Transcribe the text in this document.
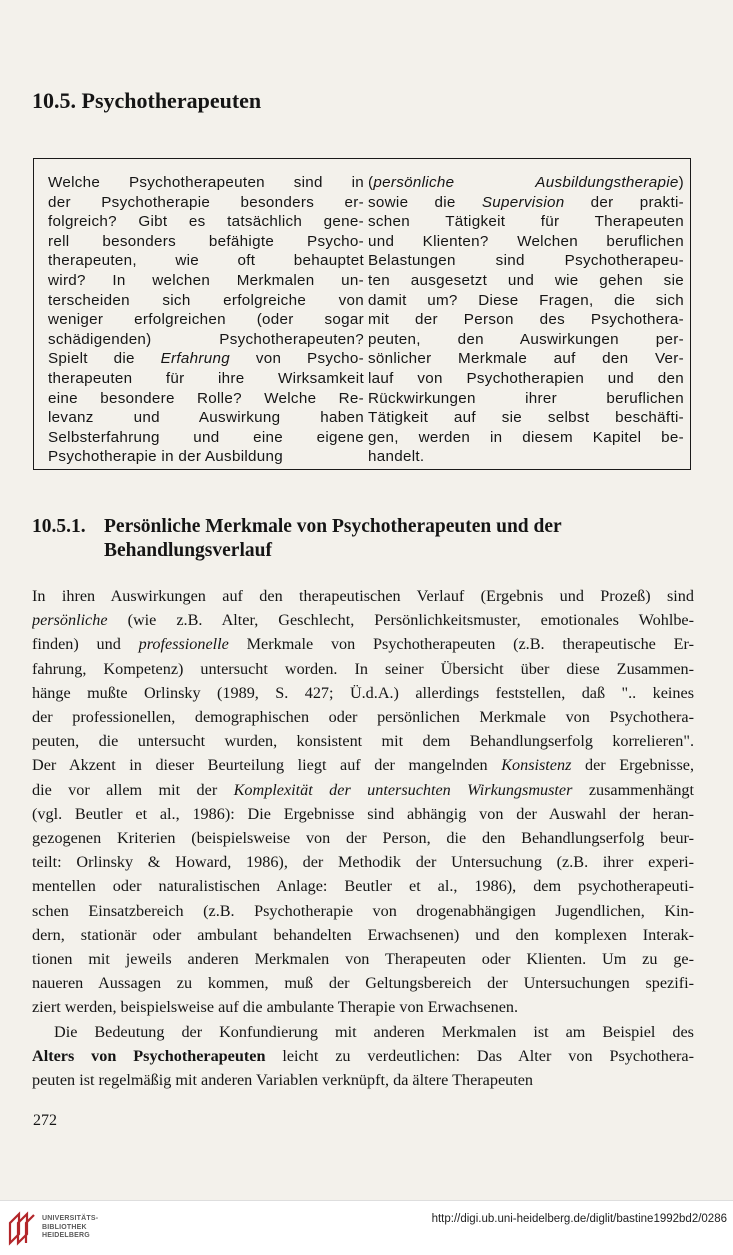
10.5. Psychotherapeuten
Welche Psychotherapeuten sind in
der Psychotherapie besonders er-
folgreich? Gibt es tatsächlich gene-
rell besonders befähigte Psycho-
therapeuten, wie oft behauptet
wird? In welchen Merkmalen un-
terscheiden sich erfolgreiche von
weniger erfolgreichen (oder sogar
schädigenden) Psychotherapeuten?
Spielt die Erfahrung von Psycho-
therapeuten für ihre Wirksamkeit
eine besondere Rolle? Welche Re-
levanz und Auswirkung haben
Selbsterfahrung und eine eigene
Psychotherapie in der Ausbildung
(persönliche Ausbildungstherapie)
sowie die Supervision der prakti-
schen Tätigkeit für Therapeuten
und Klienten? Welchen beruflichen
Belastungen sind Psychotherapeu-
ten ausgesetzt und wie gehen sie
damit um? Diese Fragen, die sich
mit der Person des Psychothera-
peuten, den Auswirkungen per-
sönlicher Merkmale auf den Ver-
lauf von Psychotherapien und den
Rückwirkungen ihrer beruflichen
Tätigkeit auf sie selbst beschäfti-
gen, werden in diesem Kapitel be-
handelt.
10.5.1. Persönliche Merkmale von Psychotherapeuten und der
Behandlungsverlauf
In ihren Auswirkungen auf den therapeutischen Verlauf (Ergebnis und Prozeß) sind
persönliche (wie z.B. Alter, Geschlecht, Persönlichkeitsmuster, emotionales Wohlbe-
finden) und professionelle Merkmale von Psychotherapeuten (z.B. therapeutische Er-
fahrung, Kompetenz) untersucht worden. In seiner Übersicht über diese Zusammen-
hänge mußte Orlinsky (1989, S. 427; Ü.d.A.) allerdings feststellen, daß ".. keines
der professionellen, demographischen oder persönlichen Merkmale von Psychothera-
peuten, die untersucht wurden, konsistent mit dem Behandlungserfolg korrelieren".
Der Akzent in dieser Beurteilung liegt auf der mangelnden Konsistenz der Ergebnisse,
die vor allem mit der Komplexität der untersuchten Wirkungsmuster zusammenhängt
(vgl. Beutler et al., 1986): Die Ergebnisse sind abhängig von der Auswahl der heran-
gezogenen Kriterien (beispielsweise von der Person, die den Behandlungserfolg beur-
teilt: Orlinsky & Howard, 1986), der Methodik der Untersuchung (z.B. ihrer experi-
mentellen oder naturalistischen Anlage: Beutler et al., 1986), dem psychotherapeuti-
schen Einsatzbereich (z.B. Psychotherapie von drogenabhängigen Jugendlichen, Kin-
dern, stationär oder ambulant behandelten Erwachsenen) und den komplexen Interak-
tionen mit jeweils anderen Merkmalen von Therapeuten oder Klienten. Um zu ge-
naueren Aussagen zu kommen, muß der Geltungsbereich der Untersuchungen spezifi-
ziert werden, beispielsweise auf die ambulante Therapie von Erwachsenen.
Die Bedeutung der Konfundierung mit anderen Merkmalen ist am Beispiel des
Alters von Psychotherapeuten leicht zu verdeutlichen: Das Alter von Psychothera-
peuten ist regelmäßig mit anderen Variablen verknüpft, da ältere Therapeuten
272
UNIVERSITÄTS-
BIBLIOTHEK
HEIDELBERG
http://digi.ub.uni-heidelberg.de/diglit/bastine1992bd2/0286
